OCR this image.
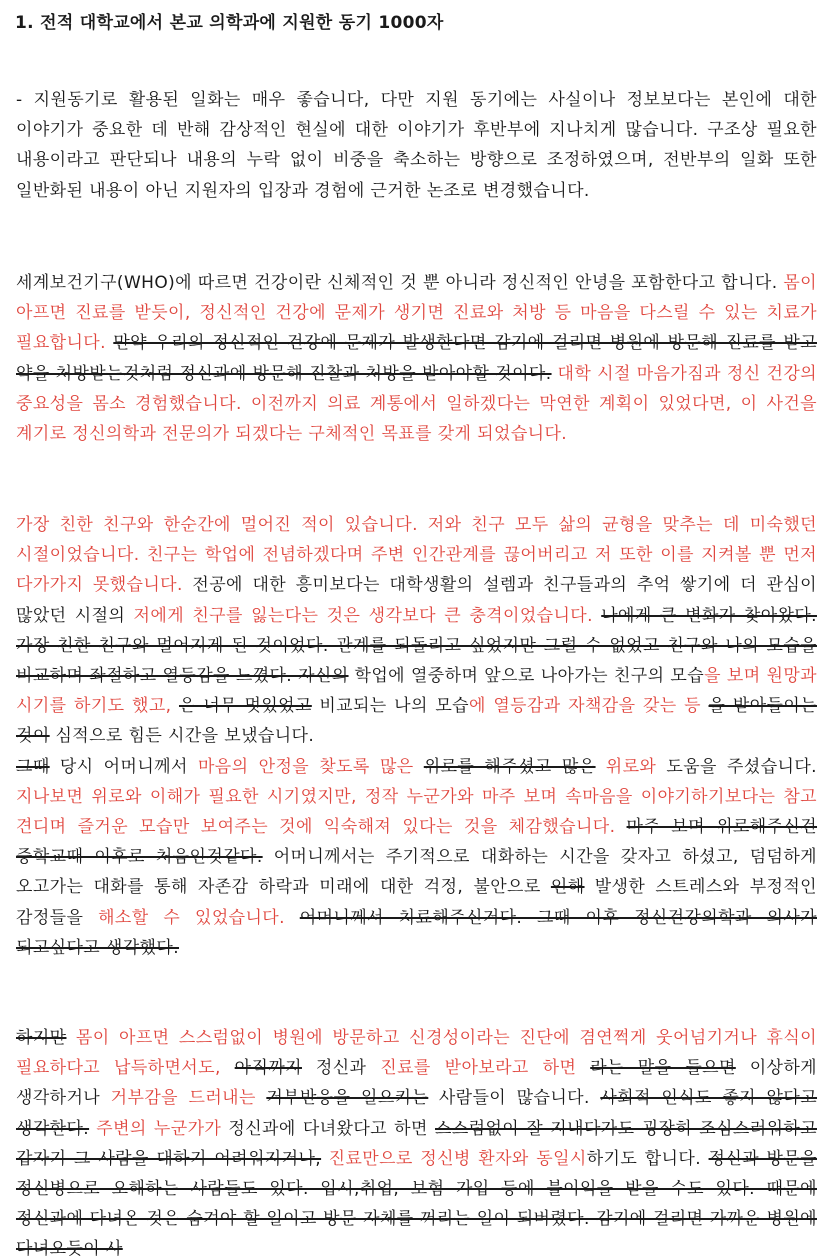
1. 전적 대학교에서 본교 의학과에 지원한 동기 1000자

- 지원동기로 활용된 일화는 매우 좋습니다, 다만 지원 동기에는 사실이나 정보보다는 본인에 대한 이야기가 중요한 데 반해 감상적인 현실에 대한 이야기가 후반부에 지나치게 많습니다. 구조상 필요한 내용이라고 판단되나 내용의 누락 없이 비중을 축소하는 방향으로 조정하였으며, 전반부의 일화 또한 일반화된 내용이 아닌 지원자의 입장과 경험에 근거한 논조로 변경했습니다.

세계보건기구(WHO)에 따르면 건강이란 신체적인 것 뿐 아니라 정신적인 안녕을 포함한다고 합니다. 몸이 아프면 진료를 받듯이, 정신적인 건강에 문제가 생기면 진료와 처방 등 마음을 다스릴 수 있는 치료가 필요합니다. 만약 우리의 정신적인 건강에 문제가 발생한다면 감기에 걸리면 병원에 방문해 진료를 받고 약을 처방받는것처럼 정신과에 방문해 진찰과 처방을 받아야할 것이다. 대학 시절 마음가짐과 정신 건강의 중요성을 몸소 경험했습니다. 이전까지 의료 계통에서 일하겠다는 막연한 계획이 있었다면, 이 사건을 계기로 정신의학과 전문의가 되겠다는 구체적인 목표를 갖게 되었습니다.

가장 친한 친구와 한순간에 멀어진 적이 있습니다. 저와 친구 모두 삶의 균형을 맞추는 데 미숙했던 시절이었습니다. 친구는 학업에 전념하겠다며 주변 인간관계를 끊어버리고 저 또한 이를 지켜볼 뿐 먼저 다가가지 못했습니다. 전공에 대한 흥미보다는 대학생활의 설렘과 친구들과의 추억 쌓기에 더 관심이 많았던 시절의 저에게 친구를 잃는다는 것은 생각보다 큰 충격이었습니다. 나에게 큰 변화가 찾아왔다. 가장 친한 친구와 멀어지게 된 것이었다. 관계를 되돌리고 싶었지만 그럴 수 없었고 친구와 나의 모습을 비교하며 좌절하고 열등감을 느꼈다. 자신의 학업에 열중하며 앞으로 나아가는 친구의 모습을 보며 원망과 시기를 하기도 했고, 은 너무 멋있었고 비교되는 나의 모습에 열등감과 자책감을 갖는 등 을 받아들이는 것이 심적으로 힘든 시간을 보냈습니다.
그때 당시 어머니께서 마음의 안정을 찾도록 많은 위로를 해주셨고 많은 위로와 도움을 주셨습니다. 지나보면 위로와 이해가 필요한 시기였지만, 정작 누군가와 마주 보며 속마음을 이야기하기보다는 참고 견디며 즐거운 모습만 보여주는 것에 익숙해져 있다는 것을 체감했습니다. 마주 보며 위로해주신건 중학교때 이후로 처음인것같다. 어머니께서는 주기적으로 대화하는 시간을 갖자고 하셨고, 덤덤하게 오고가는 대화를 통해 자존감 하락과 미래에 대한 걱정, 불안으로 인해 발생한 스트레스와 부정적인 감정들을 해소할 수 있었습니다. 어머니께서 치료해주신거다. 그때 이후 정신건강의학과 의사가 되고싶다고 생각했다.

하지만 몸이 아프면 스스럼없이 병원에 방문하고 신경성이라는 진단에 겸연쩍게 웃어넘기거나 휴식이 필요하다고 납득하면서도, 아직까지 정신과 진료를 받아보라고 하면 라는 말을 들으면 이상하게 생각하거나 거부감을 드러내는 거부반응을 일으키는 사람들이 많습니다. 사회적 인식도 좋지 않다고 생각한다. 주변의 누군가가 정신과에 다녀왔다고 하면 스스럼없이 잘 지내다가도 굉장히 조심스러워하고 갑자기 그 사람을 대하기 어려워지거나, 진료만으로 정신병 환자와 동일시하기도 합니다. 정신과 방문을 정신병으로 오해하는 사람들도 있다. 입시,취업, 보험 가입 등에 불이익을 받을 수도 있다. 때문에 정신과에 다녀온 것은 숨겨야 할 일이고 방문 자체를 꺼리는 일이 되버렸다. 감기에 걸리면 가까운 병원에 다녀오듯이 사
